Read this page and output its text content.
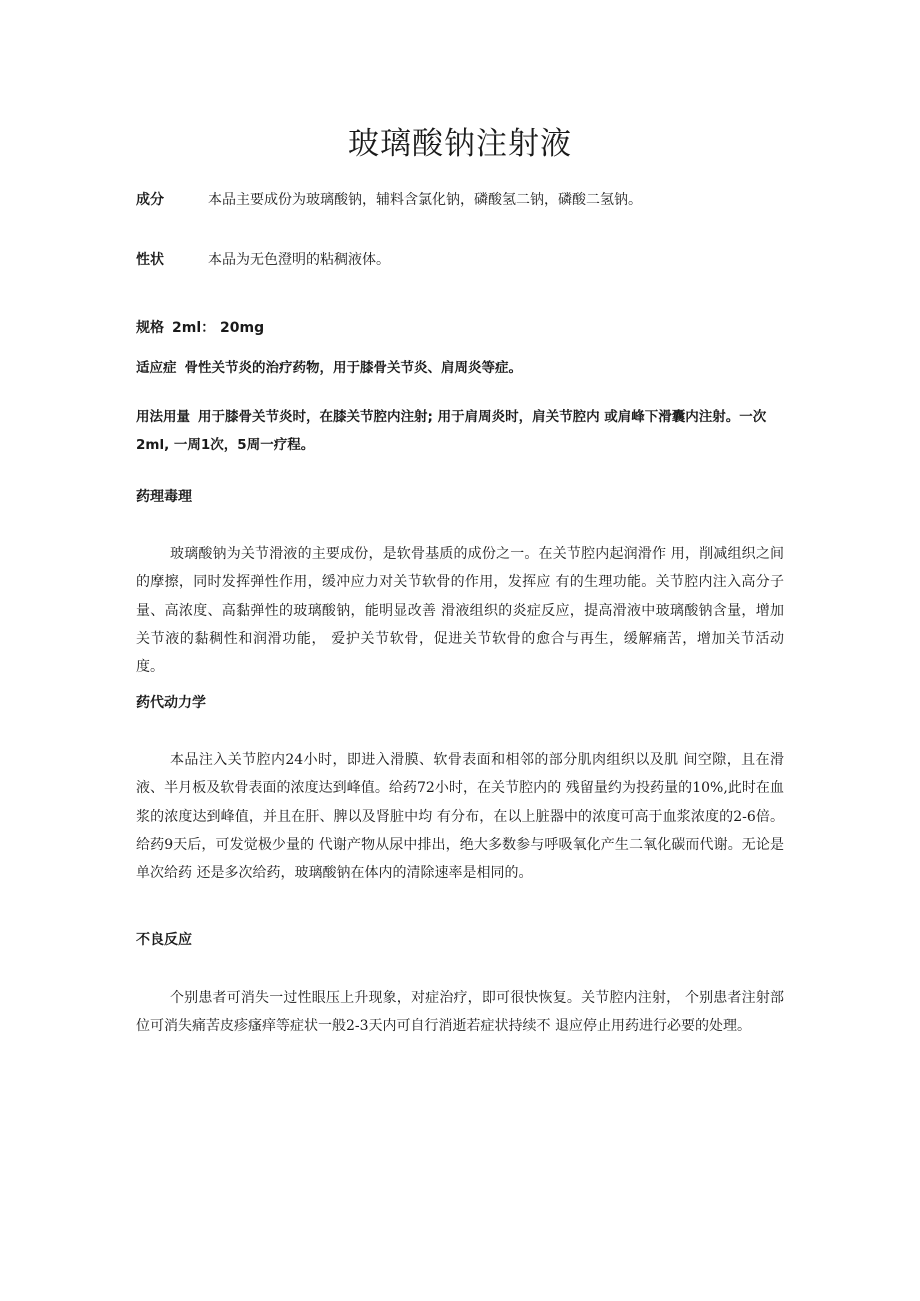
玻璃酸钠注射液
成分	本品主要成份为玻璃酸钠，辅料含氯化钠，磷酸氢二钠，磷酸二氢钠。
性状	本品为无色澄明的粘稠液体。
规格 2ml： 20mg
适应症 骨性关节炎的治疗药物，用于膝骨关节炎、肩周炎等症。
用法用量 用于膝骨关节炎时，在膝关节腔内注射; 用于肩周炎时，肩关节腔内 或肩峰下滑囊内注射。一次2ml, 一周1次，5周一疗程。
药理毒理
玻璃酸钠为关节滑液的主要成份，是软骨基质的成份之一。在关节腔内起润滑作 用，削减组织之间的摩擦，同时发挥弹性作用，缓冲应力对关节软骨的作用，发挥应 有的生理功能。关节腔内注入高分子量、高浓度、高黏弹性的玻璃酸钠，能明显改善 滑液组织的炎症反应，提高滑液中玻璃酸钠含量，增加关节液的黏稠性和润滑功能， 爱护关节软骨，促进关节软骨的愈合与再生，缓解痛苦，增加关节活动度。
药代动力学
本品注入关节腔内24小时，即进入滑膜、软骨表面和相邻的部分肌肉组织以及肌 间空隙，且在滑液、半月板及软骨表面的浓度达到峰值。给药72小时，在关节腔内的 残留量约为投药量的10%,此时在血浆的浓度达到峰值，并且在肝、脾以及肾脏中均 有分布，在以上脏器中的浓度可高于血浆浓度的2-6倍。给药9天后，可发觉极少量的 代谢产物从尿中排出，绝大多数参与呼吸氧化产生二氧化碳而代谢。无论是单次给药 还是多次给药，玻璃酸钠在体内的清除速率是相同的。
不良反应
个别患者可消失一过性眼压上升现象，对症治疗，即可很快恢复。关节腔内注射， 个别患者注射部位可消失痛苦皮疹瘙痒等症状一般2-3天内可自行消逝若症状持续不 退应停止用药进行必要的处理。
